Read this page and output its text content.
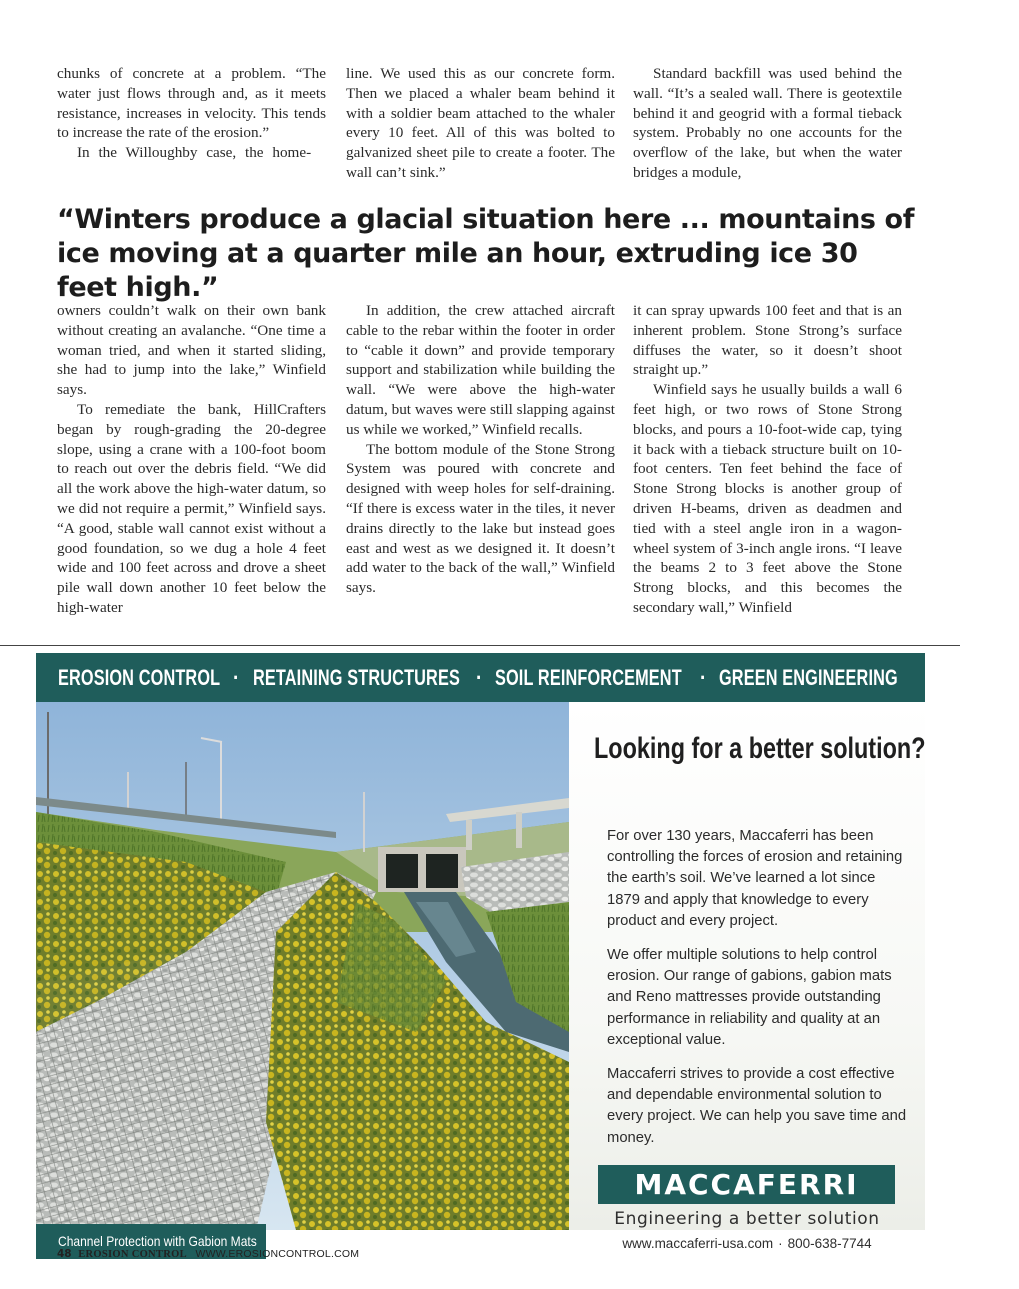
chunks of concrete at a problem. “The water just flows through and, as it meets resistance, increases in velocity. This tends to increase the rate of the erosion.”

In the Willoughby case, the home-

line. We used this as our concrete form. Then we placed a whaler beam behind it with a soldier beam attached to the whaler every 10 feet. All of this was bolted to galvanized sheet pile to create a footer. The wall can’t sink.”

Standard backfill was used behind the wall. “It’s a sealed wall. There is geotextile behind it and geogrid with a formal tieback system. Probably no one accounts for the overflow of the lake, but when the water bridges a module,

“Winters produce a glacial situation here ... mountains of ice moving at a quarter mile an hour, extruding ice 30 feet high.”

owners couldn’t walk on their own bank without creating an avalanche. “One time a woman tried, and when it started sliding, she had to jump into the lake,” Winfield says.

To remediate the bank, HillCrafters began by rough-grading the 20-degree slope, using a crane with a 100-foot boom to reach out over the debris field. “We did all the work above the high-water datum, so we did not require a permit,” Winfield says. “A good, stable wall cannot exist without a good foundation, so we dug a hole 4 feet wide and 100 feet across and drove a sheet pile wall down another 10 feet below the high-water

In addition, the crew attached aircraft cable to the rebar within the footer in order to “cable it down” and provide temporary support and stabilization while building the wall. “We were above the high-water datum, but waves were still slapping against us while we worked,” Winfield recalls.

The bottom module of the Stone Strong System was poured with concrete and designed with weep holes for self-draining. “If there is excess water in the tiles, it never drains directly to the lake but instead goes east and west as we designed it. It doesn’t add water to the back of the wall,” Winfield says.

it can spray upwards 100 feet and that is an inherent problem. Stone Strong’s surface diffuses the water, so it doesn’t shoot straight up.”

Winfield says he usually builds a wall 6 feet high, or two rows of Stone Strong blocks, and pours a 10-foot-wide cap, tying it back with a tieback structure built on 10-foot centers. Ten feet behind the face of Stone Strong blocks is another group of driven H-beams, driven as deadmen and tied with a steel angle iron in a wagon-wheel system of 3-inch angle irons. “I leave the beams 2 to 3 feet above the Stone Strong blocks, and this becomes the secondary wall,” Winfield

EROSION CONTROL · RETAINING STRUCTURES · SOIL REINFORCEMENT · GREEN ENGINEERING
Channel Protection with Gabion Mats
Looking for a better solution?
For over 130 years, Maccaferri has been controlling the forces of erosion and retaining the earth’s soil. We’ve learned a lot since 1879 and apply that knowledge to every product and every project.
We offer multiple solutions to help control erosion. Our range of gabions, gabion mats and Reno mattresses provide outstanding performance in reliability and quality at an exceptional value.
Maccaferri strives to provide a cost effective and dependable environmental solution to every project. We can help you save time and money.
MACCAFERRI
Engineering a better solution
www.maccaferri-usa.com · 800-638-7744
48 EROSION CONTROL WWW.EROSIONCONTROL.COM
